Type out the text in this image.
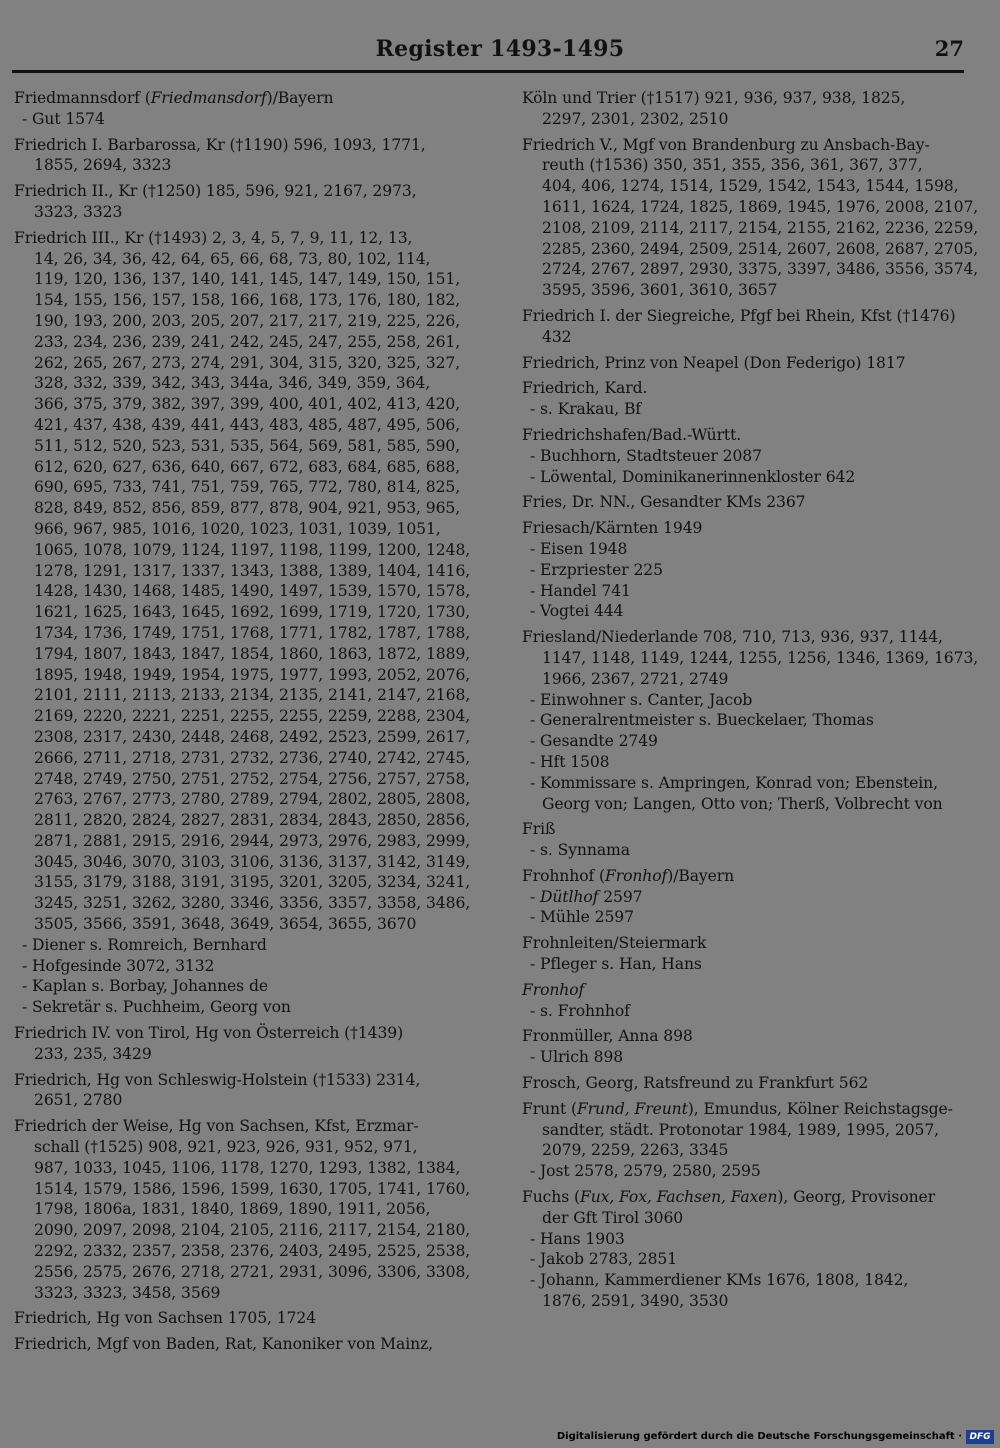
Register 1493-1495	27
Friedmannsdorf (Friedmansdorf)/Bayern
- Gut 1574
Friedrich I. Barbarossa, Kr (†1190) 596, 1093, 1771,
1855, 2694, 3323
Friedrich II., Kr (†1250) 185, 596, 921, 2167, 2973,
3323, 3323
Friedrich III., Kr (†1493) 2, 3, 4, 5, 7, 9, 11, 12, 13,
14, 26, 34, 36, 42, 64, 65, 66, 68, 73, 80, 102, 114,
119, 120, 136, 137, 140, 141, 145, 147, 149, 150, 151,
154, 155, 156, 157, 158, 166, 168, 173, 176, 180, 182,
190, 193, 200, 203, 205, 207, 217, 217, 219, 225, 226,
233, 234, 236, 239, 241, 242, 245, 247, 255, 258, 261,
262, 265, 267, 273, 274, 291, 304, 315, 320, 325, 327,
328, 332, 339, 342, 343, 344a, 346, 349, 359, 364,
366, 375, 379, 382, 397, 399, 400, 401, 402, 413, 420,
421, 437, 438, 439, 441, 443, 483, 485, 487, 495, 506,
511, 512, 520, 523, 531, 535, 564, 569, 581, 585, 590,
612, 620, 627, 636, 640, 667, 672, 683, 684, 685, 688,
690, 695, 733, 741, 751, 759, 765, 772, 780, 814, 825,
828, 849, 852, 856, 859, 877, 878, 904, 921, 953, 965,
966, 967, 985, 1016, 1020, 1023, 1031, 1039, 1051,
1065, 1078, 1079, 1124, 1197, 1198, 1199, 1200, 1248,
1278, 1291, 1317, 1337, 1343, 1388, 1389, 1404, 1416,
1428, 1430, 1468, 1485, 1490, 1497, 1539, 1570, 1578,
1621, 1625, 1643, 1645, 1692, 1699, 1719, 1720, 1730,
1734, 1736, 1749, 1751, 1768, 1771, 1782, 1787, 1788,
1794, 1807, 1843, 1847, 1854, 1860, 1863, 1872, 1889,
1895, 1948, 1949, 1954, 1975, 1977, 1993, 2052, 2076,
2101, 2111, 2113, 2133, 2134, 2135, 2141, 2147, 2168,
2169, 2220, 2221, 2251, 2255, 2255, 2259, 2288, 2304,
2308, 2317, 2430, 2448, 2468, 2492, 2523, 2599, 2617,
2666, 2711, 2718, 2731, 2732, 2736, 2740, 2742, 2745,
2748, 2749, 2750, 2751, 2752, 2754, 2756, 2757, 2758,
2763, 2767, 2773, 2780, 2789, 2794, 2802, 2805, 2808,
2811, 2820, 2824, 2827, 2831, 2834, 2843, 2850, 2856,
2871, 2881, 2915, 2916, 2944, 2973, 2976, 2983, 2999,
3045, 3046, 3070, 3103, 3106, 3136, 3137, 3142, 3149,
3155, 3179, 3188, 3191, 3195, 3201, 3205, 3234, 3241,
3245, 3251, 3262, 3280, 3346, 3356, 3357, 3358, 3486,
3505, 3566, 3591, 3648, 3649, 3654, 3655, 3670
- Diener s. Romreich, Bernhard
- Hofgesinde 3072, 3132
- Kaplan s. Borbay, Johannes de
- Sekretär s. Puchheim, Georg von
Friedrich IV. von Tirol, Hg von Österreich (†1439)
233, 235, 3429
Friedrich, Hg von Schleswig-Holstein (†1533) 2314,
2651, 2780
Friedrich der Weise, Hg von Sachsen, Kfst, Erzmar-
schall (†1525) 908, 921, 923, 926, 931, 952, 971,
987, 1033, 1045, 1106, 1178, 1270, 1293, 1382, 1384,
1514, 1579, 1586, 1596, 1599, 1630, 1705, 1741, 1760,
1798, 1806a, 1831, 1840, 1869, 1890, 1911, 2056,
2090, 2097, 2098, 2104, 2105, 2116, 2117, 2154, 2180,
2292, 2332, 2357, 2358, 2376, 2403, 2495, 2525, 2538,
2556, 2575, 2676, 2718, 2721, 2931, 3096, 3306, 3308,
3323, 3323, 3458, 3569
Friedrich, Hg von Sachsen 1705, 1724
Friedrich, Mgf von Baden, Rat, Kanoniker von Mainz,
Köln und Trier (†1517) 921, 936, 937, 938, 1825,
2297, 2301, 2302, 2510
Friedrich V., Mgf von Brandenburg zu Ansbach-Bay-
reuth (†1536) 350, 351, 355, 356, 361, 367, 377,
404, 406, 1274, 1514, 1529, 1542, 1543, 1544, 1598,
1611, 1624, 1724, 1825, 1869, 1945, 1976, 2008, 2107,
2108, 2109, 2114, 2117, 2154, 2155, 2162, 2236, 2259,
2285, 2360, 2494, 2509, 2514, 2607, 2608, 2687, 2705,
2724, 2767, 2897, 2930, 3375, 3397, 3486, 3556, 3574,
3595, 3596, 3601, 3610, 3657
Friedrich I. der Siegreiche, Pfgf bei Rhein, Kfst (†1476)
432
Friedrich, Prinz von Neapel (Don Federigo) 1817
Friedrich, Kard.
- s. Krakau, Bf
Friedrichshafen/Bad.-Württ.
- Buchhorn, Stadtsteuer 2087
- Löwental, Dominikanerinnenkloster 642
Fries, Dr. NN., Gesandter KMs 2367
Friesach/Kärnten 1949
- Eisen 1948
- Erzpriester 225
- Handel 741
- Vogtei 444
Friesland/Niederlande 708, 710, 713, 936, 937, 1144,
1147, 1148, 1149, 1244, 1255, 1256, 1346, 1369, 1673,
1966, 2367, 2721, 2749
- Einwohner s. Canter, Jacob
- Generalrentmeister s. Bueckelaer, Thomas
- Gesandte 2749
- Hft 1508
- Kommissare s. Ampringen, Konrad von; Ebenstein,
Georg von; Langen, Otto von; Therß, Volbrecht von
Friß
- s. Synnama
Frohnhof (Fronhof)/Bayern
- Dütlhof 2597
- Mühle 2597
Frohnleiten/Steiermark
- Pfleger s. Han, Hans
Fronhof
- s. Frohnhof
Fronmüller, Anna 898
- Ulrich 898
Frosch, Georg, Ratsfreund zu Frankfurt 562
Frunt (Frund, Freunt), Emundus, Kölner Reichstagsge-
sandter, städt. Protonotar 1984, 1989, 1995, 2057,
2079, 2259, 2263, 3345
- Jost 2578, 2579, 2580, 2595
Fuchs (Fux, Fox, Fachsen, Faxen), Georg, Provisoner
der Gft Tirol 3060
- Hans 1903
- Jakob 2783, 2851
- Johann, Kammerdiener KMs 1676, 1808, 1842,
1876, 2591, 3490, 3530
Digitalisierung gefördert durch die Deutsche Forschungsgemeinschaft · DFG
